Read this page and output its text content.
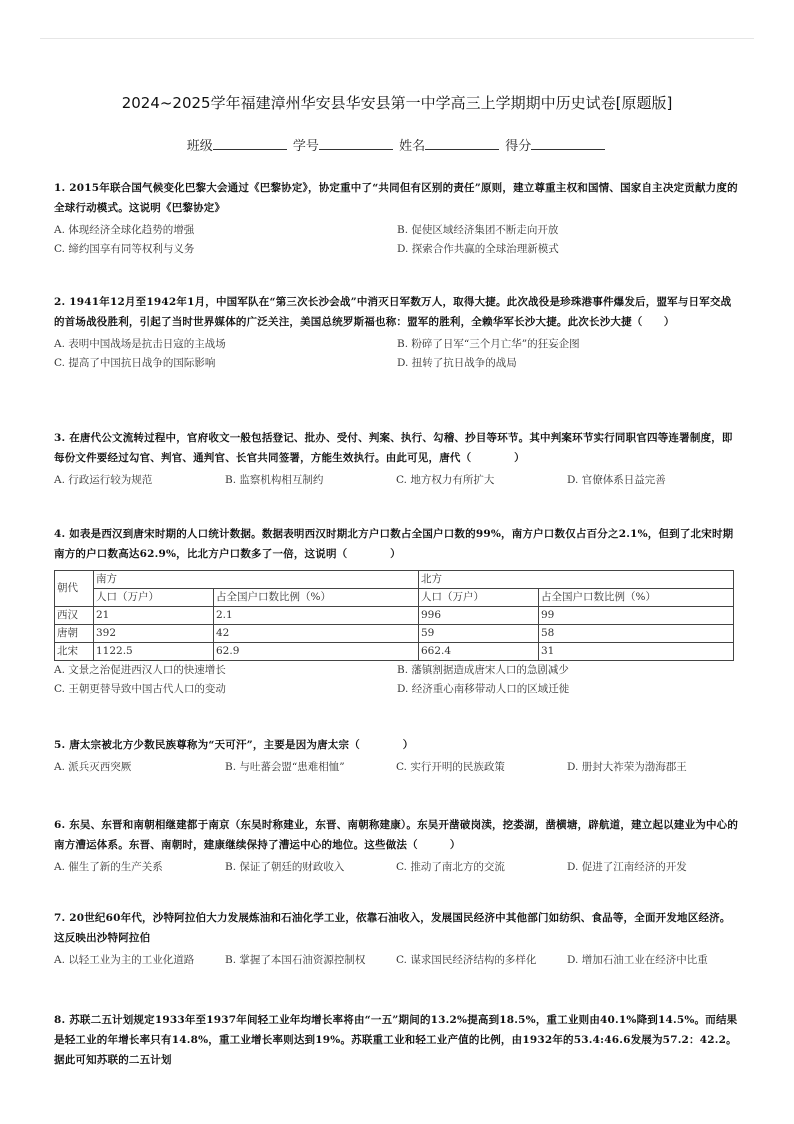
2024~2025学年福建漳州华安县华安县第一中学高三上学期期中历史试卷[原题版]
班级	学号	姓名	得分
1. 2015年联合国气候变化巴黎大会通过《巴黎协定》，协定重中了“共同但有区别的责任”原则，建立尊重主权和国情、国家自主决定贡献力度的全球行动模式。这说明《巴黎协定》
A. 体现经济全球化趋势的增强	B. 促使区域经济集团不断走向开放
C. 缔约国享有同等权利与义务	D. 探索合作共赢的全球治理新模式
2. 1941年12月至1942年1月，中国军队在“第三次长沙会战”中消灭日军数万人，取得大捷。此次战役是珍珠港事件爆发后，盟军与日军交战的首场战役胜利，引起了当时世界媒体的广泛关注，美国总统罗斯福也称：盟军的胜利，全赖华军长沙大捷。此次长沙大捷（　　）
A. 表明中国战场是抗击日寇的主战场	B. 粉碎了日军“三个月亡华”的狂妄企图
C. 提高了中国抗日战争的国际影响	D. 扭转了抗日战争的战局
3. 在唐代公文流转过程中，官府收文一般包括登记、批办、受付、判案、执行、勾稽、抄目等环节。其中判案环节实行同职官四等连署制度，即每份文件要经过勾官、判官、通判官、长官共同签署，方能生效执行。由此可见，唐代（　　　　）
A. 行政运行较为规范	B. 监察机构相互制约	C. 地方权力有所扩大	D. 官僚体系日益完善
4. 如表是西汉到唐宋时期的人口统计数据。数据表明西汉时期北方户口数占全国户口数的99%，南方户口数仅占百分之2.1%，但到了北宋时期南方的户口数高达62.9%，比北方户口数多了一倍，这说明（　　　　）
朝代	南方		北方	
	人口（万户）	占全国户口数比例（%）	人口（万户）	占全国户口数比例（%）
西汉	21	2.1	996	99
唐朝	392	42	59	58
北宋	1122.5	62.9	662.4	31
A. 文景之治促进西汉人口的快速增长	B. 藩镇割据造成唐宋人口的急剧减少
C. 王朝更替导致中国古代人口的变动	D. 经济重心南移带动人口的区域迁徙
5. 唐太宗被北方少数民族尊称为“天可汗”，主要是因为唐太宗（　　　　）
A. 派兵灭西突厥	B. 与吐蕃会盟“患难相恤”	C. 实行开明的民族政策	D. 册封大祚荣为渤海郡王
6. 东吴、东晋和南朝相继建都于南京（东吴时称建业，东晋、南朝称建康）。东吴开凿破岗渎，挖娄湖，凿横塘，辟航道，建立起以建业为中心的南方漕运体系。东晋、南朝时，建康继续保持了漕运中心的地位。这些做法（　　　）
A. 催生了新的生产关系	B. 保证了朝廷的财政收入	C. 推动了南北方的交流	D. 促进了江南经济的开发
7. 20世纪60年代，沙特阿拉伯大力发展炼油和石油化学工业，依靠石油收入，发展国民经济中其他部门如纺织、食品等，全面开发地区经济。这反映出沙特阿拉伯
A. 以轻工业为主的工业化道路	B. 掌握了本国石油资源控制权	C. 谋求国民经济结构的多样化	D. 增加石油工业在经济中比重
8. 苏联二五计划规定1933年至1937年间轻工业年均增长率将由“一五”期间的13.2%提高到18.5%，重工业则由40.1%降到14.5%。而结果是轻工业的年增长率只有14.8%，重工业增长率则达到19%。苏联重工业和轻工业产值的比例，由1932年的53.4:46.6发展为57.2：42.2。据此可知苏联的二五计划
